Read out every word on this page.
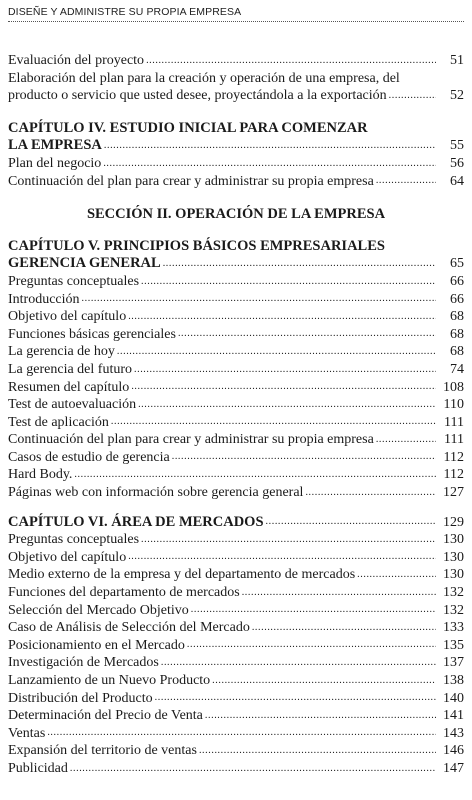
DISEÑE Y ADMINISTRE SU PROPIA EMPRESA
Evaluación del proyecto .....	51
Elaboración del plan para la creación y operación de una empresa, del
producto o servicio que usted desee, proyectándola a la exportación .....	52
CAPÍTULO IV. ESTUDIO INICIAL PARA COMENZAR
LA EMPRESA .....	55
Plan del negocio .....	56
Continuación del plan para crear y administrar su propia empresa .....	64
SECCIÓN II. OPERACIÓN DE LA EMPRESA
CAPÍTULO V. PRINCIPIOS BÁSICOS EMPRESARIALES
GERENCIA GENERAL .....	65
Preguntas conceptuales .....	66
Introducción .....	66
Objetivo del capítulo .....	68
Funciones básicas gerenciales .....	68
La gerencia de hoy .....	68
La gerencia del futuro .....	74
Resumen del capítulo .....	108
Test de autoevaluación .....	110
Test de aplicación .....	111
Continuación del plan para crear y administrar su propia empresa .....	111
Casos de estudio de gerencia .....	112
Hard Body. .....	112
Páginas web con información sobre gerencia general .....	127
CAPÍTULO VI. ÁREA DE MERCADOS .....	129
Preguntas conceptuales .....	130
Objetivo del capítulo .....	130
Medio externo de la empresa y del departamento de mercados .....	130
Funciones del departamento de mercados .....	132
Selección del Mercado Objetivo .....	132
Caso de Análisis de Selección del Mercado .....	133
Posicionamiento en el Mercado .....	135
Investigación de Mercados .....	137
Lanzamiento de un Nuevo Producto .....	138
Distribución del Producto .....	140
Determinación del Precio de Venta .....	141
Ventas .....	143
Expansión del territorio de ventas .....	146
Publicidad .....	147
